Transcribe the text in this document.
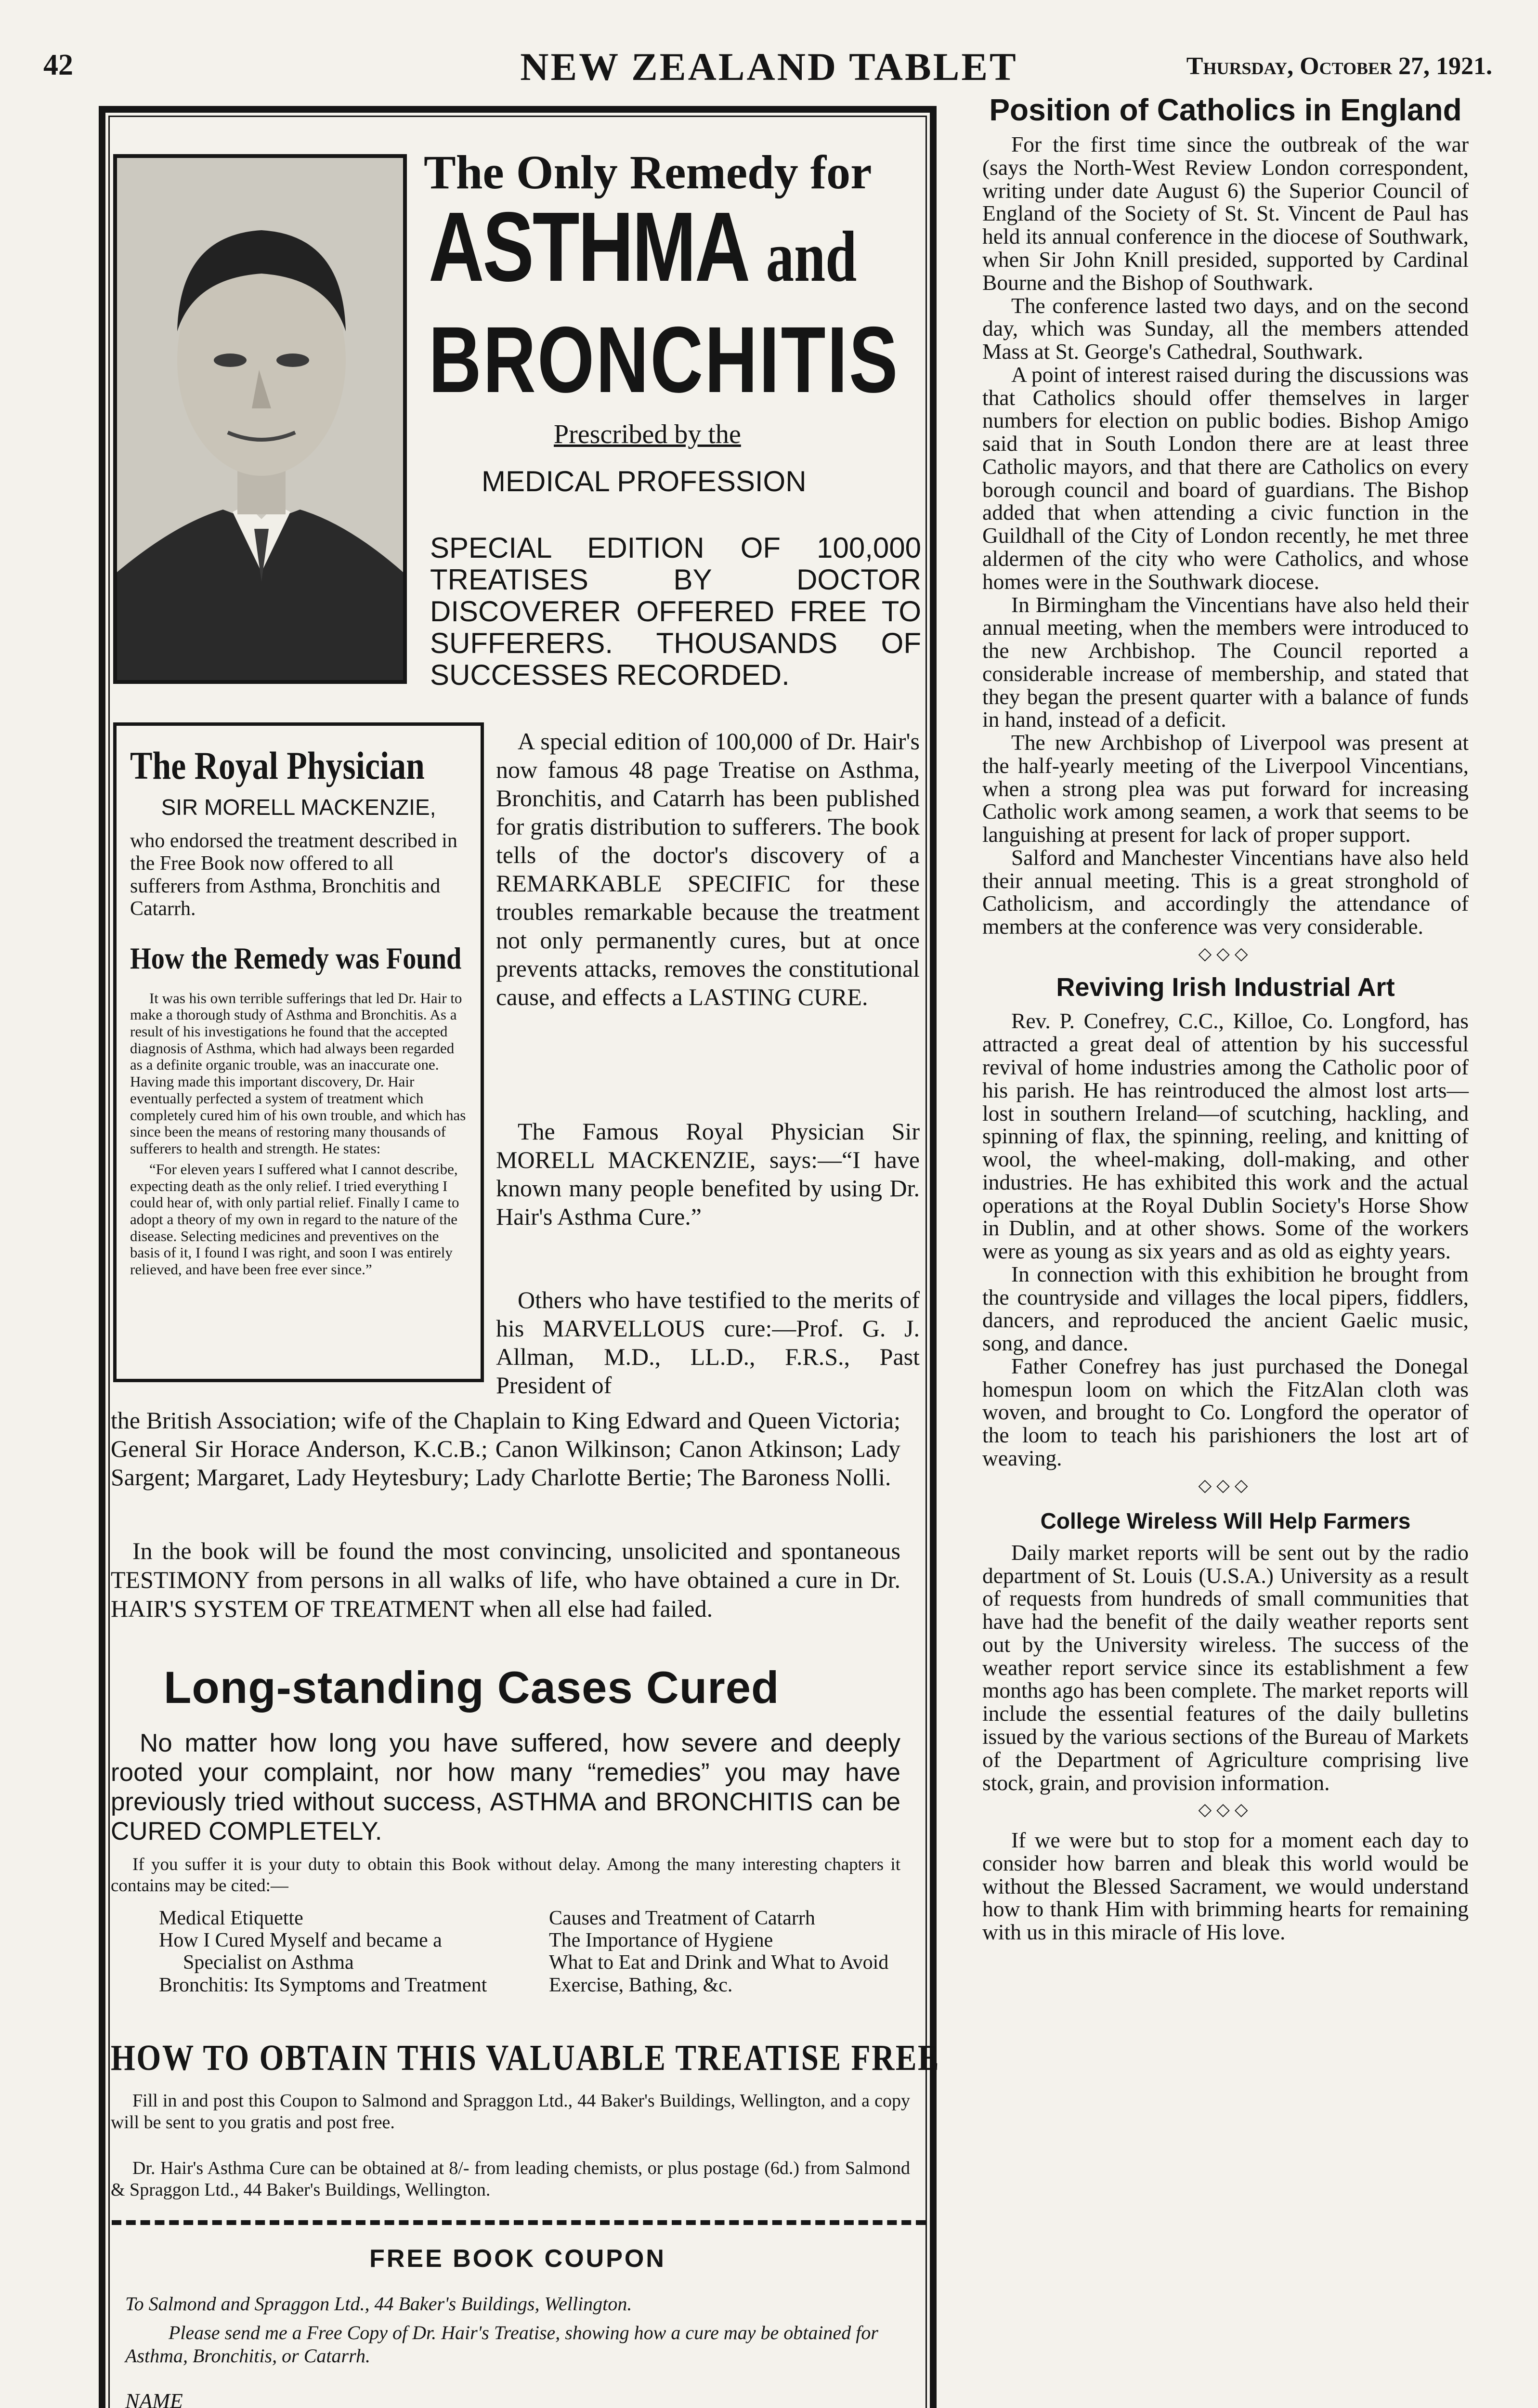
42	NEW ZEALAND TABLET	Thursday, October 27, 1921.
The Only Remedy for
ASTHMA and
BRONCHITIS
Prescribed by the
MEDICAL PROFESSION
SPECIAL EDITION OF 100,000 TREATISES BY DOCTOR DISCOVERER OFFERED FREE TO SUFFERERS. THOUSANDS OF SUCCESSES RECORDED.
The Royal Physician
SIR MORELL MACKENZIE,
who endorsed the treatment described in the Free Book now offered to all sufferers from Asthma, Bronchitis and Catarrh.
How the Remedy was Found
It was his own terrible sufferings that led Dr. Hair to make a thorough study of Asthma and Bronchitis. As a result of his investigations he found that the accepted diagnosis of Asthma, which had always been regarded as a definite organic trouble, was an inaccurate one. Having made this important discovery, Dr. Hair eventually perfected a system of treatment which completely cured him of his own trouble, and which has since been the means of restoring many thousands of sufferers to health and strength. He states:
“For eleven years I suffered what I cannot describe, expecting death as the only relief. I tried everything I could hear of, with only partial relief. Finally I came to adopt a theory of my own in regard to the nature of the disease. Selecting medicines and preventives on the basis of it, I found I was right, and soon I was entirely relieved, and have been free ever since.”
A special edition of 100,000 of Dr. Hair's now famous 48 page Treatise on Asthma, Bronchitis, and Catarrh has been published for gratis distribution to sufferers. The book tells of the doctor's discovery of a REMARKABLE SPECIFIC for these troubles remarkable because the treatment not only permanently cures, but at once prevents attacks, removes the constitutional cause, and effects a LASTING CURE.
The Famous Royal Physician Sir MORELL MACKENZIE, says:—“I have known many people benefited by using Dr. Hair's Asthma Cure.”
Others who have testified to the merits of his MARVELLOUS cure:—Prof. G. J. Allman, M.D., LL.D., F.R.S., Past President of
the British Association; wife of the Chaplain to King Edward and Queen Victoria; General Sir Horace Anderson, K.C.B.; Canon Wilkinson; Canon Atkinson; Lady Sargent; Margaret, Lady Heytesbury; Lady Charlotte Bertie; The Baroness Nolli.
In the book will be found the most convincing, unsolicited and spontaneous TESTIMONY from persons in all walks of life, who have obtained a cure in Dr. HAIR'S SYSTEM OF TREATMENT when all else had failed.
Long-standing Cases Cured
No matter how long you have suffered, how severe and deeply rooted your complaint, nor how many “remedies” you may have previously tried without success, ASTHMA and BRONCHITIS can be CURED COMPLETELY.
If you suffer it is your duty to obtain this Book without delay. Among the many interesting chapters it contains may be cited:—
Medical Etiquette
How I Cured Myself and became a Specialist on Asthma
Bronchitis: Its Symptoms and Treatment
Causes and Treatment of Catarrh
The Importance of Hygiene
What to Eat and Drink and What to Avoid
Exercise, Bathing, &c.
HOW TO OBTAIN THIS VALUABLE TREATISE FREE
Fill in and post this Coupon to Salmond and Spraggon Ltd., 44 Baker's Buildings, Wellington, and a copy will be sent to you gratis and post free.
Dr. Hair's Asthma Cure can be obtained at 8/- from leading chemists, or plus postage (6d.) from Salmond & Spraggon Ltd., 44 Baker's Buildings, Wellington.
FREE BOOK COUPON
To Salmond and Spraggon Ltd., 44 Baker's Buildings, Wellington.
Please send me a Free Copy of Dr. Hair's Treatise, showing how a cure may be obtained for Asthma, Bronchitis, or Catarrh.
NAME
Position of Catholics in England

For the first time since the outbreak of the war (says the North-West Review London correspondent, writing under date August 6) the Superior Council of England of the Society of St. St. Vincent de Paul has held its annual conference in the diocese of Southwark, when Sir John Knill presided, supported by Cardinal Bourne and the Bishop of Southwark.

The conference lasted two days, and on the second day, which was Sunday, all the members attended Mass at St. George's Cathedral, Southwark.

A point of interest raised during the discussions was that Catholics should offer themselves in larger numbers for election on public bodies. Bishop Amigo said that in South London there are at least three Catholic mayors, and that there are Catholics on every borough council and board of guardians. The Bishop added that when attending a civic function in the Guildhall of the City of London recently, he met three aldermen of the city who were Catholics, and whose homes were in the Southwark diocese.

In Birmingham the Vincentians have also held their annual meeting, when the members were introduced to the new Archbishop. The Council reported a considerable increase of membership, and stated that they began the present quarter with a balance of funds in hand, instead of a deficit.

The new Archbishop of Liverpool was present at the half-yearly meeting of the Liverpool Vincentians, when a strong plea was put forward for increasing Catholic work among seamen, a work that seems to be languishing at present for lack of proper support.

Salford and Manchester Vincentians have also held their annual meeting. This is a great stronghold of Catholicism, and accordingly the attendance of members at the conference was very considerable.

◇◇◇
Reviving Irish Industrial Art

Rev. P. Conefrey, C.C., Killoe, Co. Longford, has attracted a great deal of attention by his successful revival of home industries among the Catholic poor of his parish. He has reintroduced the almost lost arts—lost in southern Ireland—of scutching, hackling, and spinning of flax, the spinning, reeling, and knitting of wool, the wheel-making, doll-making, and other industries. He has exhibited this work and the actual operations at the Royal Dublin Society's Horse Show in Dublin, and at other shows. Some of the workers were as young as six years and as old as eighty years.

In connection with this exhibition he brought from the countryside and villages the local pipers, fiddlers, dancers, and reproduced the ancient Gaelic music, song, and dance.

Father Conefrey has just purchased the Donegal homespun loom on which the FitzAlan cloth was woven, and brought to Co. Longford the operator of the loom to teach his parishioners the lost art of weaving.

◇◇◇
College Wireless Will Help Farmers

Daily market reports will be sent out by the radio department of St. Louis (U.S.A.) University as a result of requests from hundreds of small communities that have had the benefit of the daily weather reports sent out by the University wireless. The success of the weather report service since its establishment a few months ago has been complete. The market reports will include the essential features of the daily bulletins issued by the various sections of the Bureau of Markets of the Department of Agriculture comprising live stock, grain, and provision information.

◇◇◇

If we were but to stop for a moment each day to consider how barren and bleak this world would be without the Blessed Sacrament, we would understand how to thank Him with brimming hearts for remaining with us in this miracle of His love.
